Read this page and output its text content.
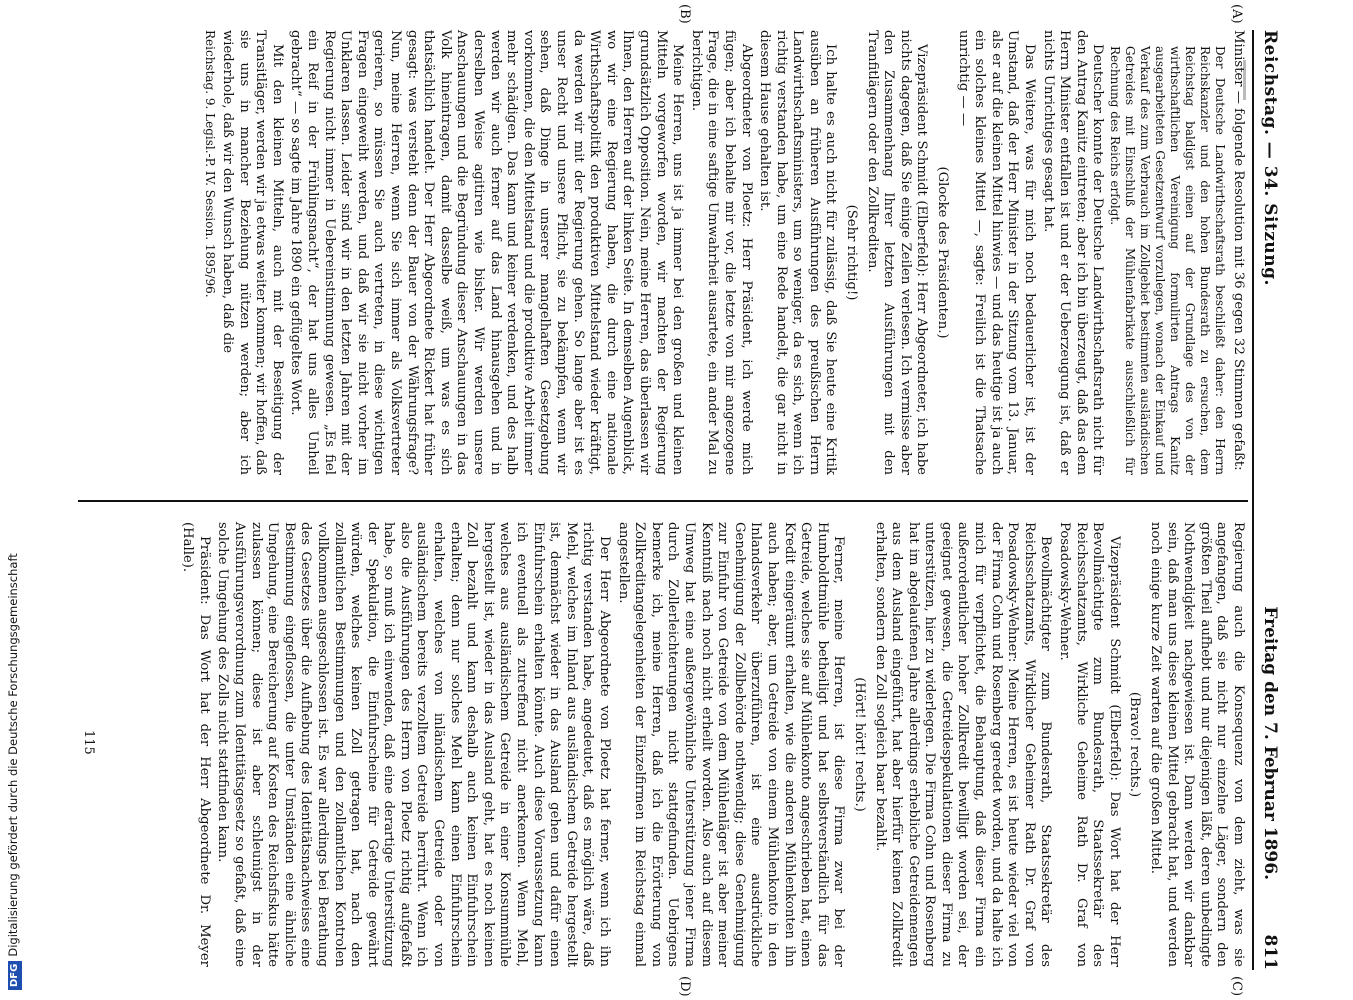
DFGDigitalisierung gefördert durch die Deutsche Forschungsgemeinschaft
Reichstag. — 34. Sitzung.
Freitag den 7. Februar 1896.
811
(A)
(B)
(C)
(D)

Minister — folgende Resolution mit 36 gegen 32 Stimmen gefaßt:

Der Deutsche Landwirthschaftsrath beschließt daher: den Herrn Reichskanzler und den hohen Bundesrath zu ersuchen, dem Reichstag baldigst einen auf der Grundlage des von der wirthschaftlichen Vereinigung formulirten Antrags Kanitz ausgearbeiteten Gesetzentwurf vorzulegen, wonach der Einkauf und Verkauf des zum Verbrauch im Zollgebiet bestimmten ausländischen Getreides mit Einschluß der Mühlenfabrikate ausschließlich für Rechnung des Reichs erfolgt.

Deutscher konnte der Deutsche Landwirthschaftsrath nicht für den Antrag Kanitz eintreten; aber ich bin überzeugt, daß das dem Herrn Minister entfallen ist und er der Ueberzeugung ist, daß er nichts Unrichtiges gesagt hat.

Das Weitere, was für mich noch bedauerlicher ist, ist der Umstand, daß der Herr Minister in der Sitzung vom 13. Januar, als er auf die kleinen Mittel hinwies — und das heutige ist ja auch ein solches kleines Mittel —, sagte: Freilich ist die Thatsache unrichtig — —

(Glocke des Präsidenten.)

Vizepräsident Schmidt (Elberfeld): Herr Abgeordneter, ich habe nichts dagegen, daß Sie einige Zeilen verlesen. Ich vermisse aber den Zusammenhang Ihrer letzten Ausführungen mit den Tranfitlägern oder den Zollkrediten.

(Sehr richtig!)

Ich halte es auch nicht für zulässig, daß Sie heute eine Kritik ausüben an früheren Ausführungen des preußischen Herrn Landwirthschaftsministers, um so weniger, da es sich, wenn ich richtig verstanden habe, um eine Rede handelt, die gar nicht in diesem Hause gehalten ist.

Abgeordneter von Ploetz: Herr Präsident, ich werde mich fügen; aber ich behalte mir vor, die letzte von mir angezogene Frage, die in eine saftige Umwahrheit ausartete, ein ander Mal zu berichtigen.

Meine Herren, uns ist ja immer bei den großen und kleinen Mitteln vorgeworfen worden, wir machten der Regierung grundsätzlich Opposition. Nein, meine Herren, das überlassen wir Ihnen, den Herren auf der linken Seite. In demselben Augenblick, wo wir eine Regierung haben, die durch eine nationale Wirthschaftspolitik den produktiven Mittelstand wieder kräftigt, da werden wir mit der Regierung gehen. So lange aber ist es unser Recht und unsere Pflicht, sie zu bekämpfen, wenn wir sehen, daß Dinge in unserer mangelhaften Gesetzgebung vorkommen, die den Mittelstand und die produktive Arbeit immer mehr schädigen. Das kann und keiner verdenken, und des halb werden wir auch ferner auf das Land hinausgehen und in derselben Weise agitiren wie bisher. Wir werden unsere Anschauungen und die Begründung dieser Anschauungen in das Volk hineintragen, damit dasselbe weiß, um was es sich thatsächlich handelt. Der Herr Abgeordnete Rickert hat früher gesagt: was versteht denn der Bauer von der Währungsfrage? Nun, meine Herren, wenn Sie sich immer als Volksvertreter gerieren, so müssen Sie auch vertreten, in diese wichtigen Fragen eingeweiht werden, und daß wir sie nicht vorher im Unklaren lassen. Leider sind wir in den letzten Jahren mit der Regierung nicht immer in Uebereinstimmung gewesen. „Es fiel ein Reif in der Frühlingsnacht“, der hat uns alles Unheil gebracht“ — so sagte im Jahre 1890 ein geflügeltes Wort.

Mit den kleinen Mitteln, auch mit der Beseitigung der Transitläger, werden wir ja etwas weiter kommen; wir hoffen, daß sie uns in mancher Beziehung nützen werden; aber ich wiederhole, daß wir den Wunsch haben, daß die

Reichstag. 9. Legisl.-P. IV. Session. 1895/96.

Regierung auch die Konsequenz von dem zieht, was sie angefangen, daß sie nicht nur einzelne Läger, sondern den größten Theil aufhebt und nur diejenigen läßt, deren unbedingte Nothwendigkeit nachgewiesen ist. Dann werden wir dankbar sein, daß man uns diese kleinen Mittel gebracht hat, und werden noch einige kurze Zeit warten auf die großen Mittel.

(Bravo! rechts.)

Vizepräsident Schmidt (Elberfeld): Das Wort hat der Herr Bevollmächtigte zum Bundesrath, Staatssekretär des Reichsschatzamts, Wirkliche Geheime Rath Dr. Graf von Posadowsky-Wehner.

Bevollmächtigter zum Bundesrath, Staatssekretär des Reichsschatzamts, Wirklicher Geheimer Rath Dr. Graf von Posadowsky-Wehner: Meine Herren, es ist heute wieder viel von der Firma Cohn und Rosenberg geredet worden, und da halte ich mich für verpflichtet, die Behauptung, daß dieser Firma ein außerordentlicher hoher Zollkredit bewilligt worden sei, der geeignet gewesen, die Getreidespekulationen dieser Firma zu unterstützen, hier zu widerlegen. Die Firma Cohn und Rosenberg hat im abgelaufenen Jahre allerdings erhebliche Getreidemengen aus dem Ausland eingeführt, hat aber hierfür keinen Zollkredit erhalten, sondern den Zoll sogleich baar bezahlt.

(Hört! hört! rechts.)

Ferner, meine Herren, ist diese Firma zwar bei der Humboldtmühle betheiligt und hat selbstverständlich für das Getreide, welches sie auf Mühlenkonto angeschrieben hat, einen Kredit eingeräumt erhalten, wie die anderen Mühlenkonten ihn auch haben; aber, um Getreide von einem Mühlenkonto in den Inlandsverkehr überzuführen, ist eine ausdrückliche Genehmigung der Zollbehörde nothwendig; diese Genehmigung zur Einfuhr von Getreide von dem Mühlenläger ist aber meiner Kenntniß nach noch nicht erheilt worden. Also auch auf diesem Umweg hat eine außergewöhnliche Unterstützung jener Firma durch Zollerleichterungen nicht stattgefunden. Uebrigens bemerke ich, meine Herren, daß ich die Erörterung von Zollkreditangelegenheiten der Einzelfirmen im Reichstag einmal angestellen.

Der Herr Abgeordnete von Ploetz hat ferner, wenn ich ihn richtig verstanden habe, angedeutet, daß es möglich wäre, daß Mehl, welches im Inland aus ausländischem Getreide hergestellt ist, demnächst wieder in das Ausland gehen und dafür einen Einfuhrschein erhalten könnte. Auch diese Voraussetzung kann ich eventuell als zutreffend nicht anerkennen. Wenn Mehl, welches aus ausländischem Getreide in einer Konsummühle hergestellt ist, wieder in das Ausland geht, hat es noch keinen Zoll bezahlt und kann deshalb auch keinen Einfuhrschein erhalten; denn nur solches Mehl kann einen Einfuhrschein erhalten, welches von inländischem Getreide oder von ausländischem bereits verzolltem Getreide herrührt. Wenn ich also die Ausführungen des Herrn von Ploetz richtig aufgefaßt habe, so muß ich einwenden, daß eine derartige Unterstützung der Spekulation, die Einfuhrscheine für Getreide gewährt würden, welches keinen Zoll getragen hat, nach den zollamtlichen Bestimmungen und den zollamtlichen Kontrolen vollkommen ausgeschlossen ist. Es war allerdings bei Berathung des Gesetzes über die Aufhebung des Identitätsnachweises eine Bestimmung eingeflossen, die unter Umständen eine ähnliche Umgehung, eine Bereicherung auf Kosten des Reichsfiskus hätte zulassen können; diese ist aber schleunigst in der Ausführungsverordnung zum Identitätsgesetz so gefaßt, daß eine solche Umgehung des Zolls nicht stattfinden kann.

Präsident: Das Wort hat der Herr Abgeordnete Dr. Meyer (Halle).

115
